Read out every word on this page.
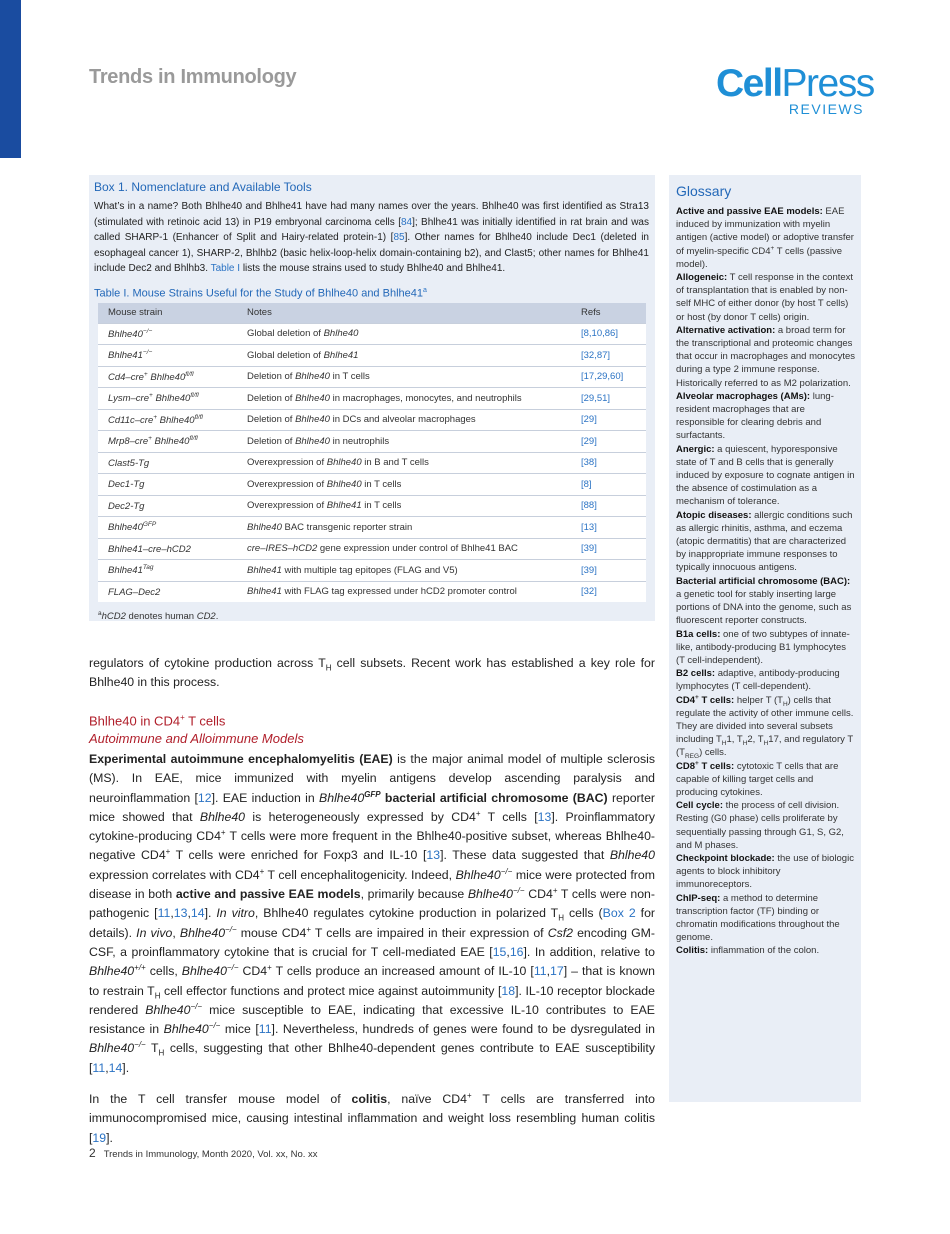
Trends in Immunology	CellPress
REVIEWS
Box 1. Nomenclature and Available Tools

What’s in a name? Both Bhlhe40 and Bhlhe41 have had many names over the years. Bhlhe40 was first identified as Stra13 (stimulated with retinoic acid 13) in P19 embryonal carcinoma cells [84]; Bhlhe41 was initially identified in rat brain and was called SHARP-1 (Enhancer of Split and Hairy-related protein-1) [85]. Other names for Bhlhe40 include Dec1 (deleted in esophageal cancer 1), SHARP-2, Bhlhb2 (basic helix-loop-helix domain-containing b2), and Clast5; other names for Bhlhe41 include Dec2 and Bhlhb3. Table I lists the mouse strains used to study Bhlhe40 and Bhlhe41.

Table I. Mouse Strains Useful for the Study of Bhlhe40 and Bhlhe41$^a$
Mouse strain	Notes	Refs
Bhlhe40−/−	Global deletion of Bhlhe40	[8,10,86]
Bhlhe41−/−	Global deletion of Bhlhe41	[32,87]
Cd4–cre+ $Bhlhe40^{fl/fl}$	Deletion of Bhlhe40 in T cells	[17,29,60]
Lysm–cre+ $Bhlhe40^{fl/fl}$	Deletion of Bhlhe40 in macrophages, monocytes, and neutrophils	[29,51]
Cd11c–cre+ $Bhlhe40^{fl/fl}$	Deletion of Bhlhe40 in DCs and alveolar macrophages	[29]
Mrp8–cre+ $Bhlhe40^{fl/fl}$	Deletion of Bhlhe40 in neutrophils	[29]
Clast5-Tg	Overexpression of Bhlhe40 in B and T cells	[38]
Dec1-Tg	Overexpression of Bhlhe40 in T cells	[8]
Dec2-Tg	Overexpression of Bhlhe41 in T cells	[88]
$Bhlhe40^{GFP}$	Bhlhe40 BAC transgenic reporter strain	[13]
Bhlhe41–cre–hCD2	cre–IRES–hCD2 gene expression under control of Bhlhe41 BAC	[39]
$Bhlhe41^{Tag}$	Bhlhe41 with multiple tag epitopes (FLAG and V5)	[39]
FLAG–Dec2	Bhlhe41 with FLAG tag expressed under hCD2 promoter control	[32]
$^a$hCD2 denotes human CD2.

regulators of cytokine production across $T_H$ cell subsets. Recent work has established a key role for Bhlhe40 in this process.

Bhlhe40 in CD4+ T cells
Autoimmune and Alloimmune Models

Experimental autoimmune encephalomyelitis (EAE) is the major animal model of multiple sclerosis (MS). In EAE, mice immunized with myelin antigens develop ascending paralysis and neuroinflammation [12]. EAE induction in $Bhlhe40^{GFP}$ bacterial artificial chromosome (BAC) reporter mice showed that Bhlhe40 is heterogeneously expressed by CD4+ T cells [13]. Proinflammatory cytokine-producing CD4+ T cells were more frequent in the Bhlhe40-positive subset, whereas Bhlhe40-negative CD4+ T cells were enriched for Foxp3 and IL-10 [13]. These data suggested that Bhlhe40 expression correlates with CD4+ T cell encephalitogenicity. Indeed, Bhlhe40−/− mice were protected from disease in both active and passive EAE models, primarily because Bhlhe40−/− CD4+ T cells were non-pathogenic [11,13,14]. In vitro, Bhlhe40 regulates cytokine production in polarized $T_H$ cells (Box 2 for details). In vivo, Bhlhe40−/− mouse CD4+ T cells are impaired in their expression of Csf2 encoding GM-CSF, a proinflammatory cytokine that is crucial for T cell-mediated EAE [15,16]. In addition, relative to Bhlhe40+/+ cells, Bhlhe40−/− CD4+ T cells produce an increased amount of IL-10 [11,17] – that is known to restrain $T_H$ cell effector functions and protect mice against autoimmunity [18]. IL-10 receptor blockade rendered Bhlhe40−/− mice susceptible to EAE, indicating that excessive IL-10 contributes to EAE resistance in Bhlhe40−/− mice [11]. Nevertheless, hundreds of genes were found to be dysregulated in Bhlhe40−/− $T_H$ cells, suggesting that other Bhlhe40-dependent genes contribute to EAE susceptibility [11,14].

In the T cell transfer mouse model of colitis, naïve CD4+ T cells are transferred into immunocompromised mice, causing intestinal inflammation and weight loss resembling human colitis [19].

Glossary

Active and passive EAE models: EAE induced by immunization with myelin antigen (active model) or adoptive transfer of myelin-specific CD4+ T cells (passive model).

Allogeneic: T cell response in the context of transplantation that is enabled by non-self MHC of either donor (by host T cells) or host (by donor T cells) origin.

Alternative activation: a broad term for the transcriptional and proteomic changes that occur in macrophages and monocytes during a type 2 immune response. Historically referred to as M2 polarization.

Alveolar macrophages (AMs): lung-resident macrophages that are responsible for clearing debris and surfactants.

Anergic: a quiescent, hyporesponsive state of T and B cells that is generally induced by exposure to cognate antigen in the absence of costimulation as a mechanism of tolerance.

Atopic diseases: allergic conditions such as allergic rhinitis, asthma, and eczema (atopic dermatitis) that are characterized by inappropriate immune responses to typically innocuous antigens.

Bacterial artificial chromosome (BAC): a genetic tool for stably inserting large portions of DNA into the genome, such as fluorescent reporter constructs.

B1a cells: one of two subtypes of innate-like, antibody-producing B1 lymphocytes (T cell-independent).

B2 cells: adaptive, antibody-producing lymphocytes (T cell-dependent).

CD4+ T cells: helper T $(T_H)$ cells that regulate the activity of other immune cells. They are divided into several subsets including $T_H1$, $T_H2$, $T_H17$, and regulatory T $(T_{REG})$ cells.

CD8+ T cells: cytotoxic T cells that are capable of killing target cells and producing cytokines.

Cell cycle: the process of cell division. Resting (G0 phase) cells proliferate by sequentially passing through G1, S, G2, and M phases.

Checkpoint blockade: the use of biologic agents to block inhibitory immunoreceptors.

ChIP-seq: a method to determine transcription factor (TF) binding or chromatin modifications throughout the genome.

Colitis: inflammation of the colon.

2 Trends in Immunology, Month 2020, Vol. xx, No. xx
